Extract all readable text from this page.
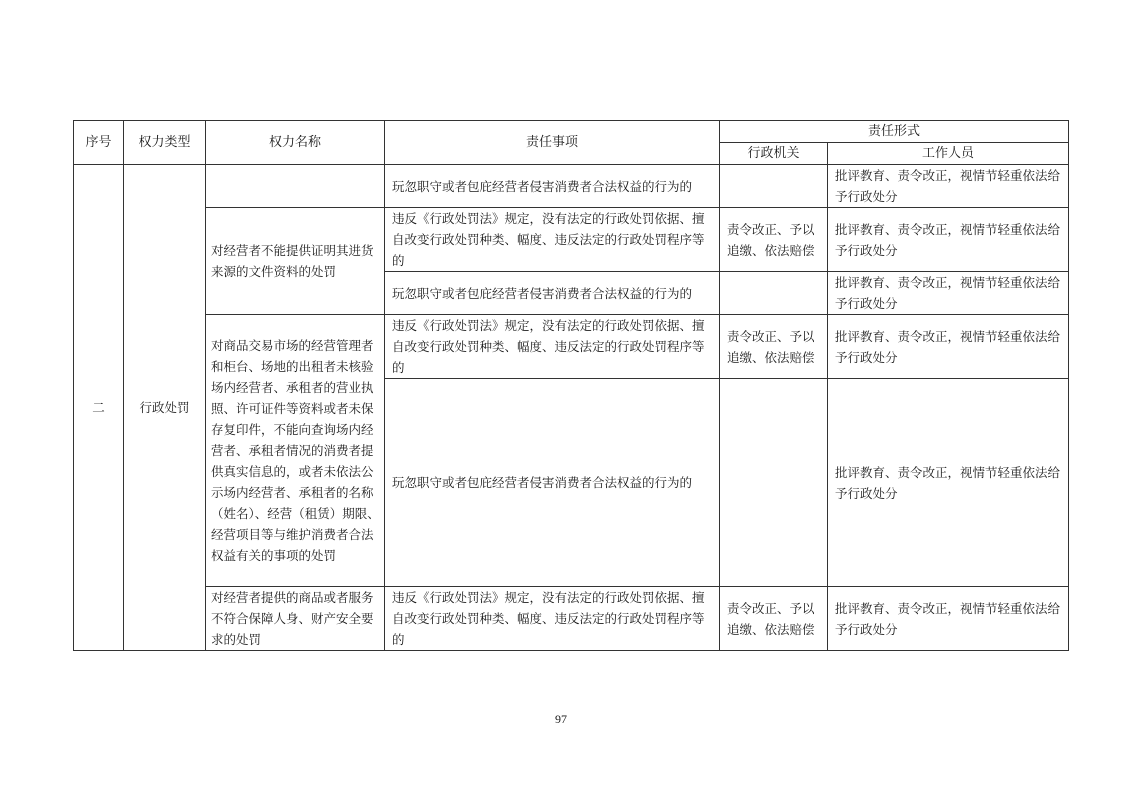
序号	权力类型	权力名称	责任事项	责任形式	
				行政机关	工作人员
二	行政处罚		玩忽职守或者包庇经营者侵害消费者合法权益的行为的		批评教育、责令改正，视情节轻重依法给予行政处分
		对经营者不能提供证明其进货来源的文件资料的处罚	违反《行政处罚法》规定，没有法定的行政处罚依据、擅自改变行政处罚种类、幅度、违反法定的行政处罚程序等的	责令改正、予以追缴、依法赔偿	批评教育、责令改正，视情节轻重依法给予行政处分
			玩忽职守或者包庇经营者侵害消费者合法权益的行为的		批评教育、责令改正，视情节轻重依法给予行政处分
		对商品交易市场的经营管理者和柜台、场地的出租者未核验场内经营者、承租者的营业执照、许可证件等资料或者未保存复印件，不能向查询场内经营者、承租者情况的消费者提供真实信息的，或者未依法公示场内经营者、承租者的名称（姓名）、经营（租赁）期限、经营项目等与维护消费者合法权益有关的事项的处罚	违反《行政处罚法》规定，没有法定的行政处罚依据、擅自改变行政处罚种类、幅度、违反法定的行政处罚程序等的	责令改正、予以追缴、依法赔偿	批评教育、责令改正，视情节轻重依法给予行政处分
			玩忽职守或者包庇经营者侵害消费者合法权益的行为的		批评教育、责令改正，视情节轻重依法给予行政处分
		对经营者提供的商品或者服务不符合保障人身、财产安全要求的处罚	违反《行政处罚法》规定，没有法定的行政处罚依据、擅自改变行政处罚种类、幅度、违反法定的行政处罚程序等的	责令改正、予以追缴、依法赔偿	批评教育、责令改正，视情节轻重依法给予行政处分
97
